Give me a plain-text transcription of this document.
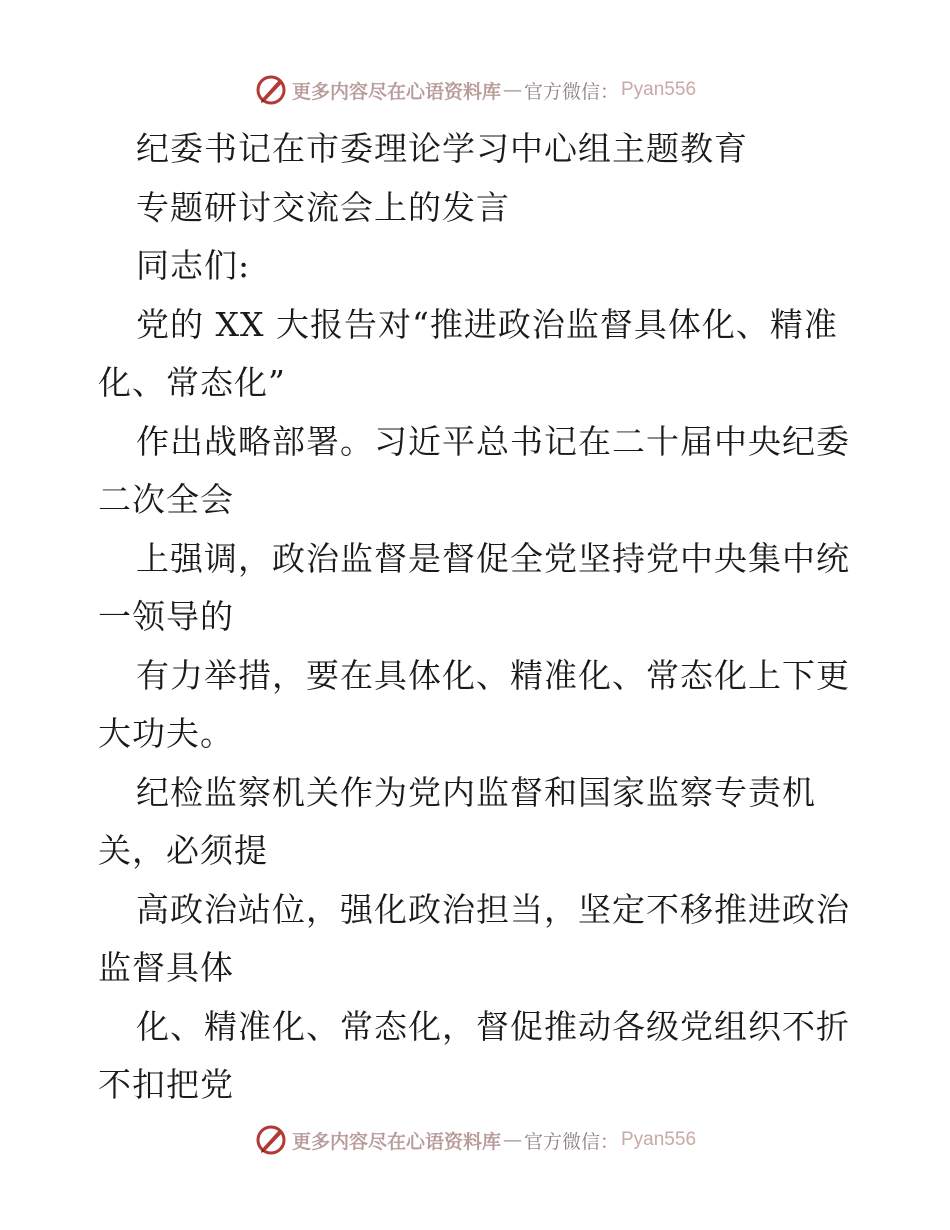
更多内容尽在心语资料库 — 官方微信： Pyan556
纪委书记在市委理论学习中心组主题教育
专题研讨交流会上的发言
同志们:
党的 XX 大报告对“推进政治监督具体化、精准
化、常态化”
作出战略部署。习近平总书记在二十届中央纪委
二次全会
上强调，政治监督是督促全党坚持党中央集中统
一领导的
有力举措，要在具体化、精准化、常态化上下更
大功夫。
纪检监察机关作为党内监督和国家监察专责机
关，必须提
高政治站位，强化政治担当，坚定不移推进政治
监督具体
化、精准化、常态化，督促推动各级党组织不折
不扣把党
更多内容尽在心语资料库 — 官方微信： Pyan556
